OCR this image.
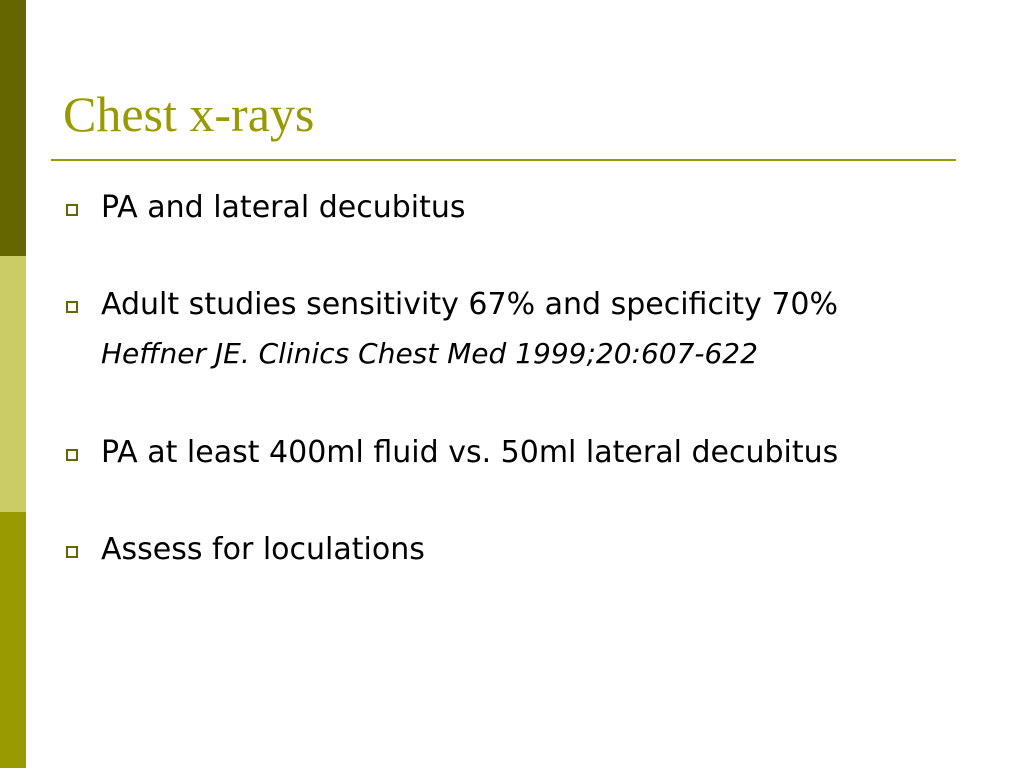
Chest x-rays
PA and lateral decubitus
Adult studies sensitivity 67% and specificity 70%
PA at least 400ml fluid vs. 50ml lateral decubitus
Assess for loculations
Heffner JE. Clinics Chest Med 1999;20:607-622
